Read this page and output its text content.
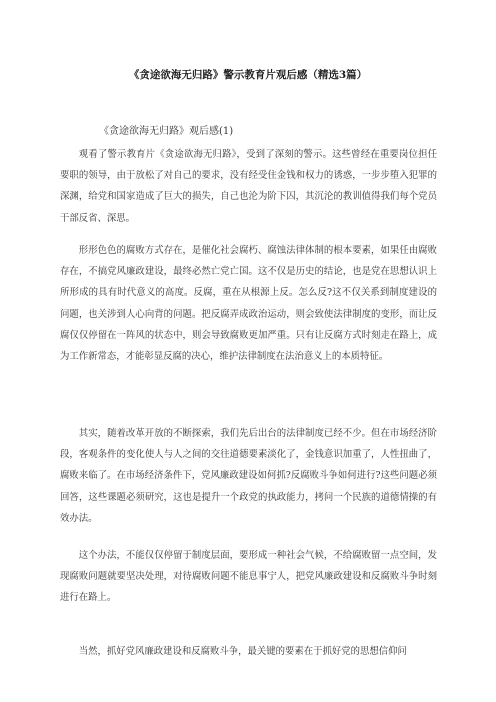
《贪途欲海无归路》警示教育片观后感（精选3篇）
《贪途欲海无归路》观后感(1)

观看了警示教育片《贪途欲海无归路》，受到了深刻的警示。这些曾经在重要岗位担任要职的领导，由于放松了对自己的要求，没有经受住金钱和权力的诱惑，一步步堕入犯罪的深渊，给党和国家造成了巨大的损失，自己也沦为阶下囚，其沉沦的教训值得我们每个党员干部反省、深思。

形形色色的腐败方式存在，是催化社会腐朽、腐蚀法律体制的根本要素，如果任由腐败存在，不搞党风廉政建设，最终必然亡党亡国。这不仅是历史的结论，也是党在思想认识上所形成的具有时代意义的高度。反腐，重在从根源上反。怎么反?这不仅关系到制度建设的问题，也关涉到人心向背的问题。把反腐弄成政治运动，则会致使法律制度的变形，而让反腐仅仅停留在一阵风的状态中，则会导致腐败更加严重。只有让反腐方式时刻走在路上，成为工作新常态，才能彰显反腐的决心，维护法律制度在法治意义上的本质特征。

其实，随着改革开放的不断探索，我们先后出台的法律制度已经不少。但在市场经济阶段，客观条件的变化使人与人之间的交往道德要素淡化了，金钱意识加重了，人性扭曲了，腐败来临了。在市场经济条件下，党风廉政建设如何抓?反腐败斗争如何进行?这些问题必须回答，这些课题必须研究，这也是提升一个政党的执政能力，拷问一个民族的道德情操的有效办法。

这个办法，不能仅仅停留于制度层面，要形成一种社会气候，不给腐败留一点空间，发现腐败问题就要坚决处理，对待腐败问题不能息事宁人，把党风廉政建设和反腐败斗争时刻进行在路上。

当然，抓好党风廉政建设和反腐败斗争，最关键的要素在于抓好党的思想信仰问
